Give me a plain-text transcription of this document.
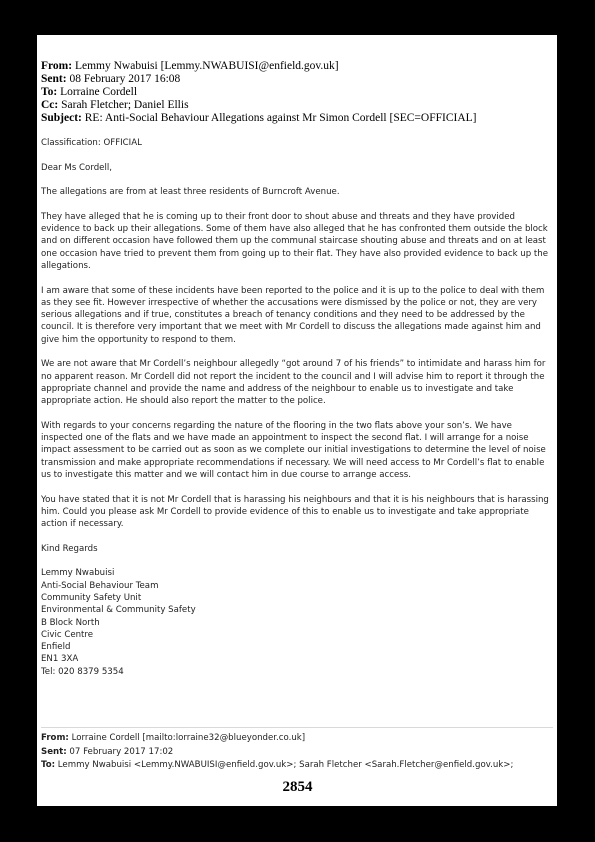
From: Lemmy Nwabuisi [Lemmy.NWABUISI@enfield.gov.uk]
Sent: 08 February 2017 16:08
To: Lorraine Cordell
Cc: Sarah Fletcher; Daniel Ellis
Subject: RE: Anti-Social Behaviour Allegations against Mr Simon Cordell [SEC=OFFICIAL]

Classification: OFFICIAL

Dear Ms Cordell,

The allegations are from at least three residents of Burncroft Avenue.

They have alleged that he is coming up to their front door to shout abuse and threats and they have provided evidence to back up their allegations. Some of them have also alleged that he has confronted them outside the block and on different occasion have followed them up the communal staircase shouting abuse and threats and on at least one occasion have tried to prevent them from going up to their flat. They have also provided evidence to back up the allegations.

I am aware that some of these incidents have been reported to the police and it is up to the police to deal with them as they see fit. However irrespective of whether the accusations were dismissed by the police or not, they are very serious allegations and if true, constitutes a breach of tenancy conditions and they need to be addressed by the council. It is therefore very important that we meet with Mr Cordell to discuss the allegations made against him and give him the opportunity to respond to them.

We are not aware that Mr Cordell’s neighbour allegedly “got around 7 of his friends” to intimidate and harass him for no apparent reason. Mr Cordell did not report the incident to the council and I will advise him to report it through the appropriate channel and provide the name and address of the neighbour to enable us to investigate and take appropriate action. He should also report the matter to the police.

With regards to your concerns regarding the nature of the flooring in the two flats above your son’s. We have inspected one of the flats and we have made an appointment to inspect the second flat. I will arrange for a noise impact assessment to be carried out as soon as we complete our initial investigations to determine the level of noise transmission and make appropriate recommendations if necessary. We will need access to Mr Cordell’s flat to enable us to investigate this matter and we will contact him in due course to arrange access.

You have stated that it is not Mr Cordell that is harassing his neighbours and that it is his neighbours that is harassing him. Could you please ask Mr Cordell to provide evidence of this to enable us to investigate and take appropriate action if necessary.

Kind Regards

Lemmy Nwabuisi
Anti-Social Behaviour Team
Community Safety Unit
Environmental & Community Safety
B Block North
Civic Centre
Enfield
EN1 3XA
Tel: 020 8379 5354
From: Lorraine Cordell [mailto:lorraine32@blueyonder.co.uk]
Sent: 07 February 2017 17:02
To: Lemmy Nwabuisi <Lemmy.NWABUISI@enfield.gov.uk>; Sarah Fletcher <Sarah.Fletcher@enfield.gov.uk>;
2854
